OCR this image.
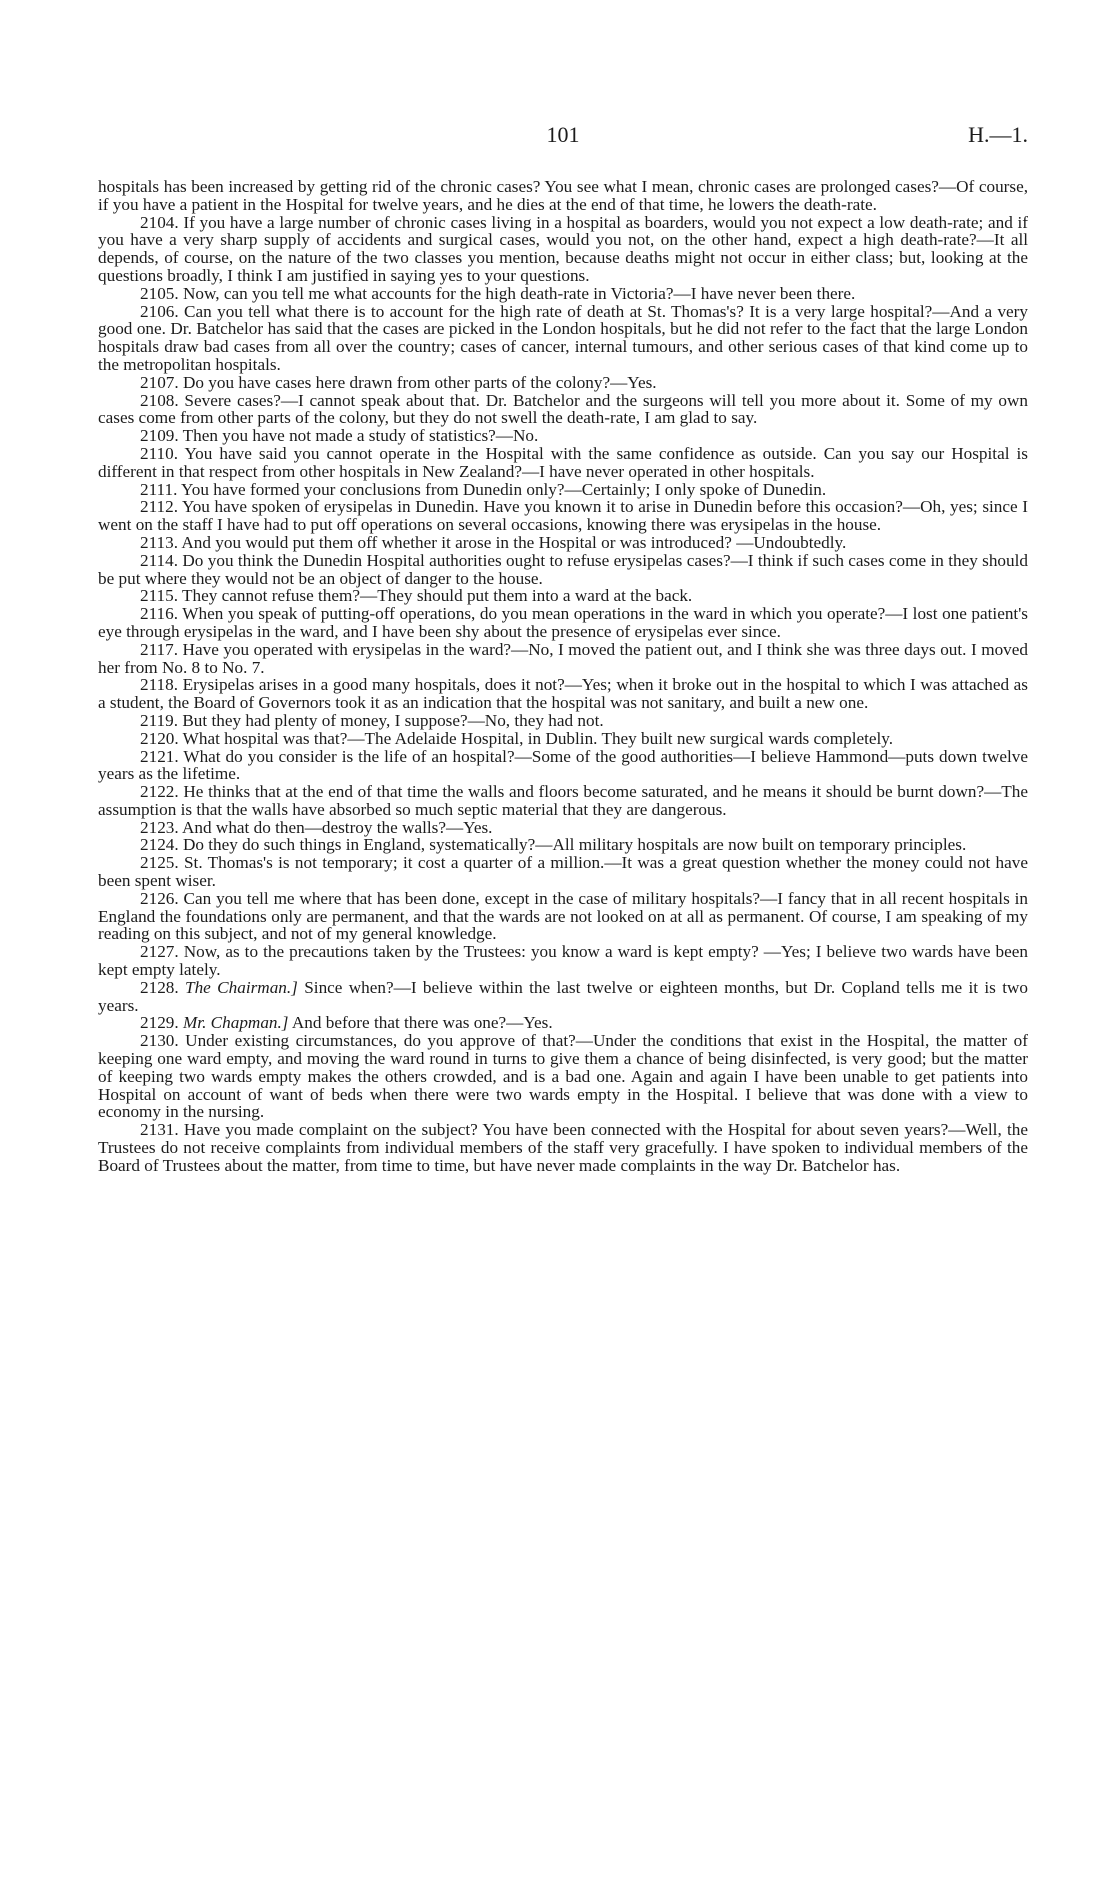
101	H.—1.

hospitals has been increased by getting rid of the chronic cases? You see what I mean, chronic cases are prolonged cases?—Of course, if you have a patient in the Hospital for twelve years, and he dies at the end of that time, he lowers the death-rate.

2104. If you have a large number of chronic cases living in a hospital as boarders, would you not expect a low death-rate; and if you have a very sharp supply of accidents and surgical cases, would you not, on the other hand, expect a high death-rate?—It all depends, of course, on the nature of the two classes you mention, because deaths might not occur in either class; but, looking at the questions broadly, I think I am justified in saying yes to your questions.

2105. Now, can you tell me what accounts for the high death-rate in Victoria?—I have never been there.

2106. Can you tell what there is to account for the high rate of death at St. Thomas's? It is a very large hospital?—And a very good one. Dr. Batchelor has said that the cases are picked in the London hospitals, but he did not refer to the fact that the large London hospitals draw bad cases from all over the country; cases of cancer, internal tumours, and other serious cases of that kind come up to the metropolitan hospitals.

2107. Do you have cases here drawn from other parts of the colony?—Yes.

2108. Severe cases?—I cannot speak about that. Dr. Batchelor and the surgeons will tell you more about it. Some of my own cases come from other parts of the colony, but they do not swell the death-rate, I am glad to say.

2109. Then you have not made a study of statistics?—No.

2110. You have said you cannot operate in the Hospital with the same confidence as outside. Can you say our Hospital is different in that respect from other hospitals in New Zealand?—I have never operated in other hospitals.

2111. You have formed your conclusions from Dunedin only?—Certainly; I only spoke of Dunedin.

2112. You have spoken of erysipelas in Dunedin. Have you known it to arise in Dunedin before this occasion?—Oh, yes; since I went on the staff I have had to put off operations on several occasions, knowing there was erysipelas in the house.

2113. And you would put them off whether it arose in the Hospital or was introduced? —Undoubtedly.

2114. Do you think the Dunedin Hospital authorities ought to refuse erysipelas cases?—I think if such cases come in they should be put where they would not be an object of danger to the house.

2115. They cannot refuse them?—They should put them into a ward at the back.

2116. When you speak of putting-off operations, do you mean operations in the ward in which you operate?—I lost one patient's eye through erysipelas in the ward, and I have been shy about the presence of erysipelas ever since.

2117. Have you operated with erysipelas in the ward?—No, I moved the patient out, and I think she was three days out. I moved her from No. 8 to No. 7.

2118. Erysipelas arises in a good many hospitals, does it not?—Yes; when it broke out in the hospital to which I was attached as a student, the Board of Governors took it as an indication that the hospital was not sanitary, and built a new one.

2119. But they had plenty of money, I suppose?—No, they had not.

2120. What hospital was that?—The Adelaide Hospital, in Dublin. They built new surgical wards completely.

2121. What do you consider is the life of an hospital?—Some of the good authorities—I believe Hammond—puts down twelve years as the lifetime.

2122. He thinks that at the end of that time the walls and floors become saturated, and he means it should be burnt down?—The assumption is that the walls have absorbed so much septic material that they are dangerous.

2123. And what do then—destroy the walls?—Yes.

2124. Do they do such things in England, systematically?—All military hospitals are now built on temporary principles.

2125. St. Thomas's is not temporary; it cost a quarter of a million.—It was a great question whether the money could not have been spent wiser.

2126. Can you tell me where that has been done, except in the case of military hospitals?—I fancy that in all recent hospitals in England the foundations only are permanent, and that the wards are not looked on at all as permanent. Of course, I am speaking of my reading on this subject, and not of my general knowledge.

2127. Now, as to the precautions taken by the Trustees: you know a ward is kept empty? —Yes; I believe two wards have been kept empty lately.

2128. The Chairman.] Since when?—I believe within the last twelve or eighteen months, but Dr. Copland tells me it is two years.

2129. Mr. Chapman.] And before that there was one?—Yes.

2130. Under existing circumstances, do you approve of that?—Under the conditions that exist in the Hospital, the matter of keeping one ward empty, and moving the ward round in turns to give them a chance of being disinfected, is very good; but the matter of keeping two wards empty makes the others crowded, and is a bad one. Again and again I have been unable to get patients into Hospital on account of want of beds when there were two wards empty in the Hospital. I believe that was done with a view to economy in the nursing.

2131. Have you made complaint on the subject? You have been connected with the Hospital for about seven years?—Well, the Trustees do not receive complaints from individual members of the staff very gracefully. I have spoken to individual members of the Board of Trustees about the matter, from time to time, but have never made complaints in the way Dr. Batchelor has.
